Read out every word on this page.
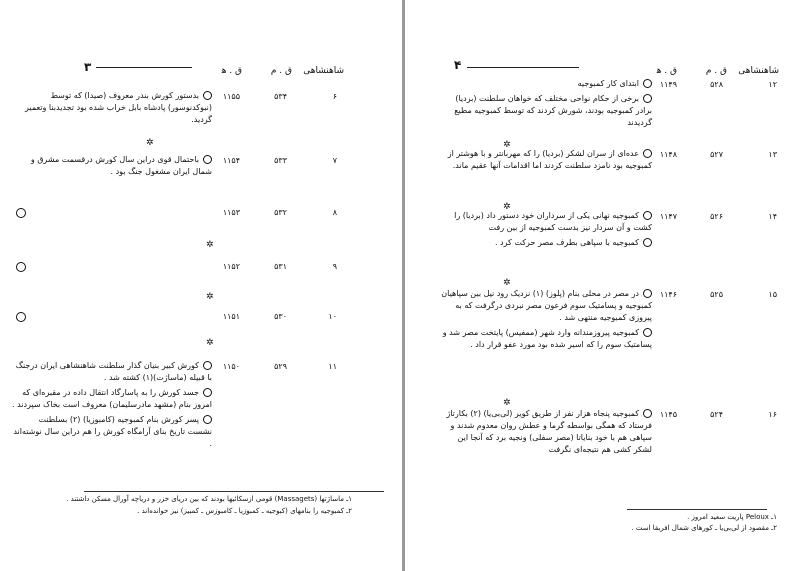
شاهنشاهی
ق . م
ق . ﻫ
۴
۱۲
۵۲۸
۱۱۴۹

ابتدای کار کمبوجیه

برخی از حکام نواحی مختلف که خواهان سلطنت (بردیا) برادر کمبوجیه بودند، شورش کردند که توسط کمبوجیه مطیع گردیدند

۱۳
۵۲۷
۱۱۴۸

عده‌ای از سران لشکر (بردیا) را که مهربانتر و با هوشتر از کمبوجیه بود نامزد سلطنت کردند اما اقدامات آنها عقیم ماند.

۱۴
۵۲۶
۱۱۴۷

کمبوجیه نهانی یکی از سرداران خود دستور داد (بردیا) را کشت و آن سردار نیز بدست کمبوجیه از بین رفت

کمبوجیه با سپاهی بطرف مصر حرکت کرد .

۱۵
۵۲۵
۱۱۴۶

در مصر در محلی بنام (پلوز) (۱) نزدیک رود نیل بین سپاهیان کمبوجیه و پسامتیک سوم فرعون مصر نبردی درگرفت که به پیروزی کمبوجیه منتهی شد .

کمبوجیه پیروزمندانه وارد شهر (ممفیس) پایتخت مصر شد و پسامتیک سوم را که اسیر شده بود مورد عفو قرار داد .

۱۶
۵۲۴
۱۱۴۵

کمبوجیه پنجاه هزار نفر از طریق کویر (لی‌بی‌یا) (۲) بکارتاژ فرستاد که همگی بواسطه گرما و عطش روان معدوم شدند و سپاهی هم با خود بنایاتا (مصر سفلی) ونجیه برد که آنجا این لشکر کشی هم نتیجه‌ای نگرفت

✲
✲
✲
✲
۱ـ Peloux پاریت سعید امروز .
۲ـ مقصود از لی‌بی‌یا ـ کورهای شمال افریقا است .
شاهنشاهی
ق . م
ق . ﻫ
۳
۶
۵۳۴
۱۱۵۵

بدستور کورش بندر معروف (صیدا) که توسط (نبوکدنوسور) پادشاه بابل خراب شده بود تجدیدبنا وتعمیر گردید.

۷
۵۳۳
۱۱۵۴

باحتمال قوی دراین سال کورش درقسمت مشرق و شمال ایران مشغول جنگ بود .

۸
۵۳۲
۱۱۵۳
۹
۵۳۱
۱۱۵۲
۱۰
۵۳۰
۱۱۵۱
۱۱
۵۲۹
۱۱۵۰

کورش کبیر بنیان گذار سلطنت شاهنشاهی ایران درجنگ با قبیله (ماساژت)(۱) کشته شد .

جسد کورش را به پاسارگاد انتقال داده در مقبره‌ای که امروز بنام (مشهد مادرسلیمان) معروف است بخاک سپردند .

پسر کورش بنام کمبوجیه (کامبوزیا) (۲) بسلطنت نشست تاریخ بنای آرامگاه کورش را هم دراین سال نوشته‌اند .

✲
✲
✲
✲
۱ـ ماساژتها (Massagets) قومی ازسکائیها بودند که بین دریای خزر و دریاچه آورال مسکن داشتند .
۲ـ کمبوجیه را بنامهای (کبوجیه ـ کمبوزیا ـ کامبوزس ـ کمبیز) نیز خوانده‌اند .
